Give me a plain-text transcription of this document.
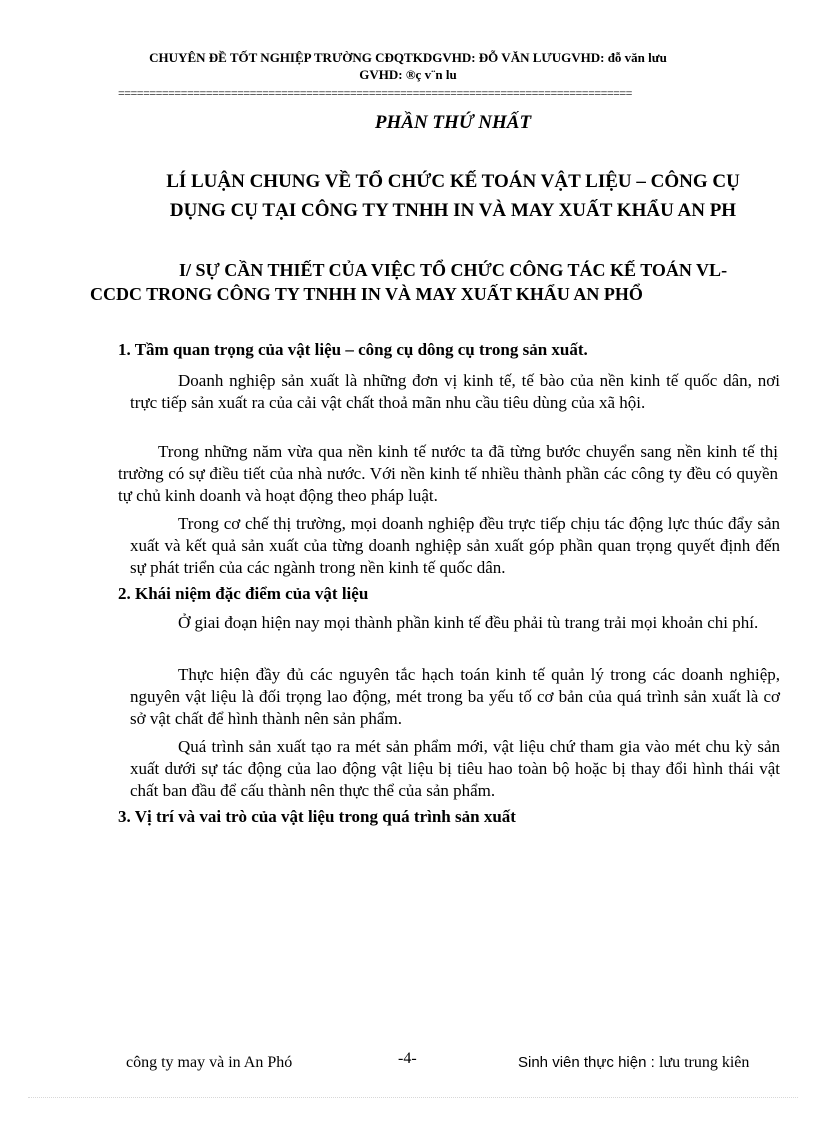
CHUYÊN ĐỀ TỐT NGHIỆP TRƯỜNG CĐQTKDGVHD: ĐỖ VĂN LƯUGVHD: đỗ văn lưu
GVHD: ®ç v¨n lu
==================================================================================
PHẦN THỨ NHẤT
LÍ LUẬN CHUNG VỀ TỔ CHỨC KẾ TOÁN VẬT LIỆU – CÔNG CỤ
DỤNG CỤ TẠI CÔNG TY TNHH IN VÀ MAY XUẤT KHẨU AN PH
I/ SỰ CẦN THIẾT CỦA VIỆC TỔ CHỨC CÔNG TÁC KẾ TOÁN VL-
CCDC TRONG CÔNG TY TNHH IN VÀ MAY XUẤT KHẨU AN PHỔ
1. Tầm quan trọng của vật liệu – công cụ dông cụ trong sản xuất.
Doanh nghiệp sản xuất là những đơn vị kinh tế, tế bào của nền kinh tế quốc dân, nơi trực tiếp sản xuất ra của cải vật chất thoả mãn nhu cầu tiêu dùng của xã hội.
Trong những năm vừa qua nền kinh tế nước ta đã từng bước chuyển sang nền kinh tế thị trường có sự điều tiết của nhà nước. Với nền kinh tế nhiều thành phần các công ty đều có quyền tự chủ kinh doanh và hoạt động theo pháp luật.
Trong cơ chế thị trường, mọi doanh nghiệp đều trực tiếp chịu tác động lực thúc đẩy sản xuất và kết quả sản xuất của từng doanh nghiệp sản xuất góp phần quan trọng quyết định đến sự phát triển của các ngành trong nền kinh tế quốc dân.
2. Khái niệm đặc điểm của vật liệu
Ở giai đoạn hiện nay mọi thành phần kinh tế đều phải tù trang trải mọi khoản chi phí.
Thực hiện đầy đủ các nguyên tắc hạch toán kinh tế quản lý trong các doanh nghiệp, nguyên vật liệu là đối trọng lao động, mét trong ba yếu tố cơ bản của quá trình sản xuất là cơ sở vật chất để hình thành nên sản phẩm.
Quá trình sản xuất tạo ra mét sản phẩm mới, vật liệu chứ tham gia vào mét chu kỳ sản xuất dưới sự tác động của lao động vật liệu bị tiêu hao toàn bộ hoặc bị thay đổi hình thái vật chất ban đầu để cấu thành nên thực thể của sản phẩm.
3. Vị trí và vai trò của vật liệu trong quá trình sản xuất
công ty may và in An Phó	-4-	Sinh viên thực hiện : lưu trung kiên
